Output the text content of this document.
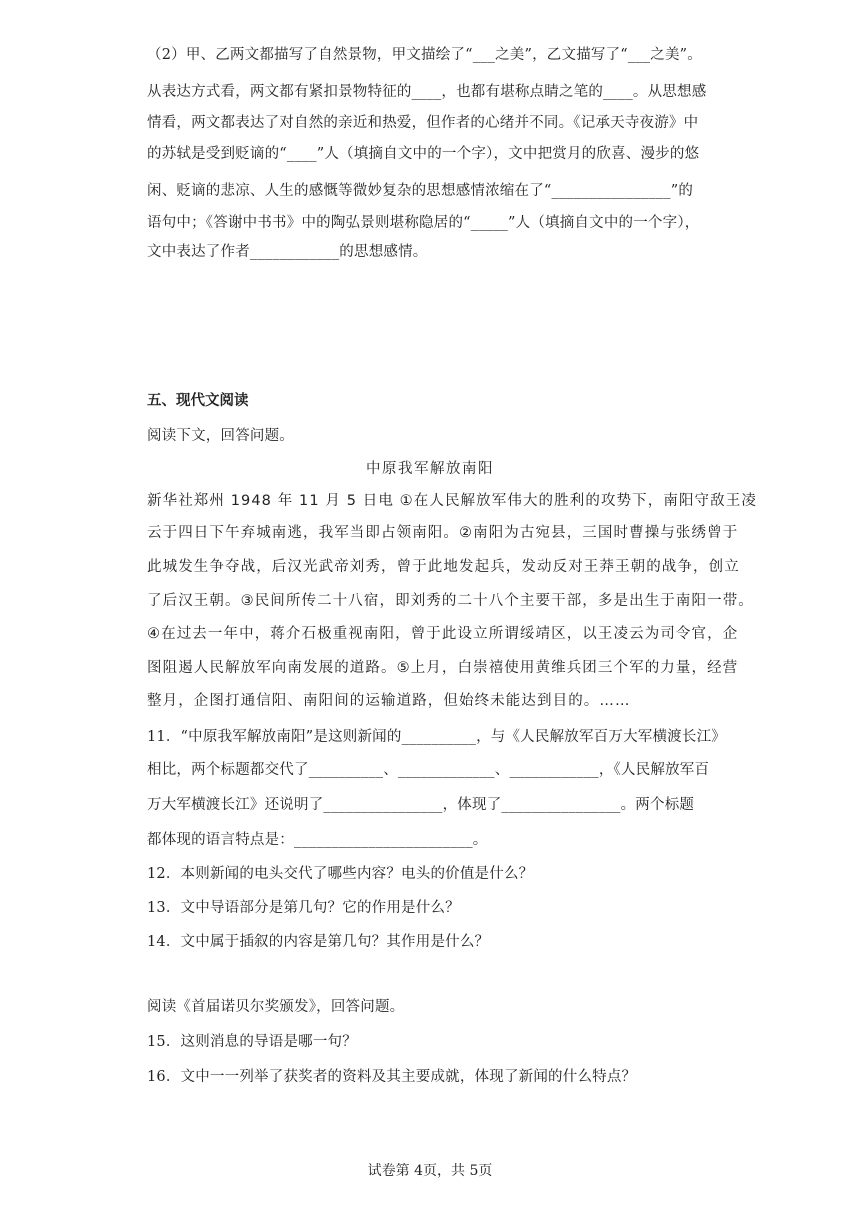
（2）甲、乙两文都描写了自然景物，甲文描绘了“___之美”，乙文描写了“___之美”。

从表达方式看，两文都有紧扣景物特征的____，也都有堪称点睛之笔的____。从思想感

情看，两文都表达了对自然的亲近和热爱，但作者的心绪并不同。《记承天寺夜游》中

的苏轼是受到贬谪的“____”人（填摘自文中的一个字），文中把赏月的欣喜、漫步的悠

闲、贬谪的悲凉、人生的感慨等微妙复杂的思想感情浓缩在了“________________”的

语句中；《答谢中书书》中的陶弘景则堪称隐居的“_____”人（填摘自文中的一个字），

文中表达了作者____________的思想感情。

五、现代文阅读

阅读下文，回答问题。

中原我军解放南阳

新华社郑州 1948 年 11 月 5 日电 ①在人民解放军伟大的胜利的攻势下，南阳守敌王凌

云于四日下午弃城南逃，我军当即占领南阳。②南阳为古宛县，三国时曹操与张绣曾于

此城发生争夺战，后汉光武帝刘秀，曾于此地发起兵，发动反对王莽王朝的战争，创立

了后汉王朝。③民间所传二十八宿，即刘秀的二十八个主要干部，多是出生于南阳一带。

④在过去一年中，蒋介石极重视南阳，曾于此设立所谓绥靖区，以王凌云为司令官，企

图阻遏人民解放军向南发展的道路。⑤上月，白崇禧使用黄维兵团三个军的力量，经营

整月，企图打通信阳、南阳间的运输道路，但始终未能达到目的。……

11．“中原我军解放南阳”是这则新闻的__________，与《人民解放军百万大军横渡长江》

相比，两个标题都交代了__________、_____________、____________，《人民解放军百

万大军横渡长江》还说明了________________，体现了________________。两个标题

都体现的语言特点是：________________________。

12．本则新闻的电头交代了哪些内容？电头的价值是什么？

13．文中导语部分是第几句？它的作用是什么？

14．文中属于插叙的内容是第几句？其作用是什么？

阅读《首届诺贝尔奖颁发》，回答问题。

15．这则消息的导语是哪一句？

16．文中一一列举了获奖者的资料及其主要成就，体现了新闻的什么特点？

试卷第 4页，共 5页
